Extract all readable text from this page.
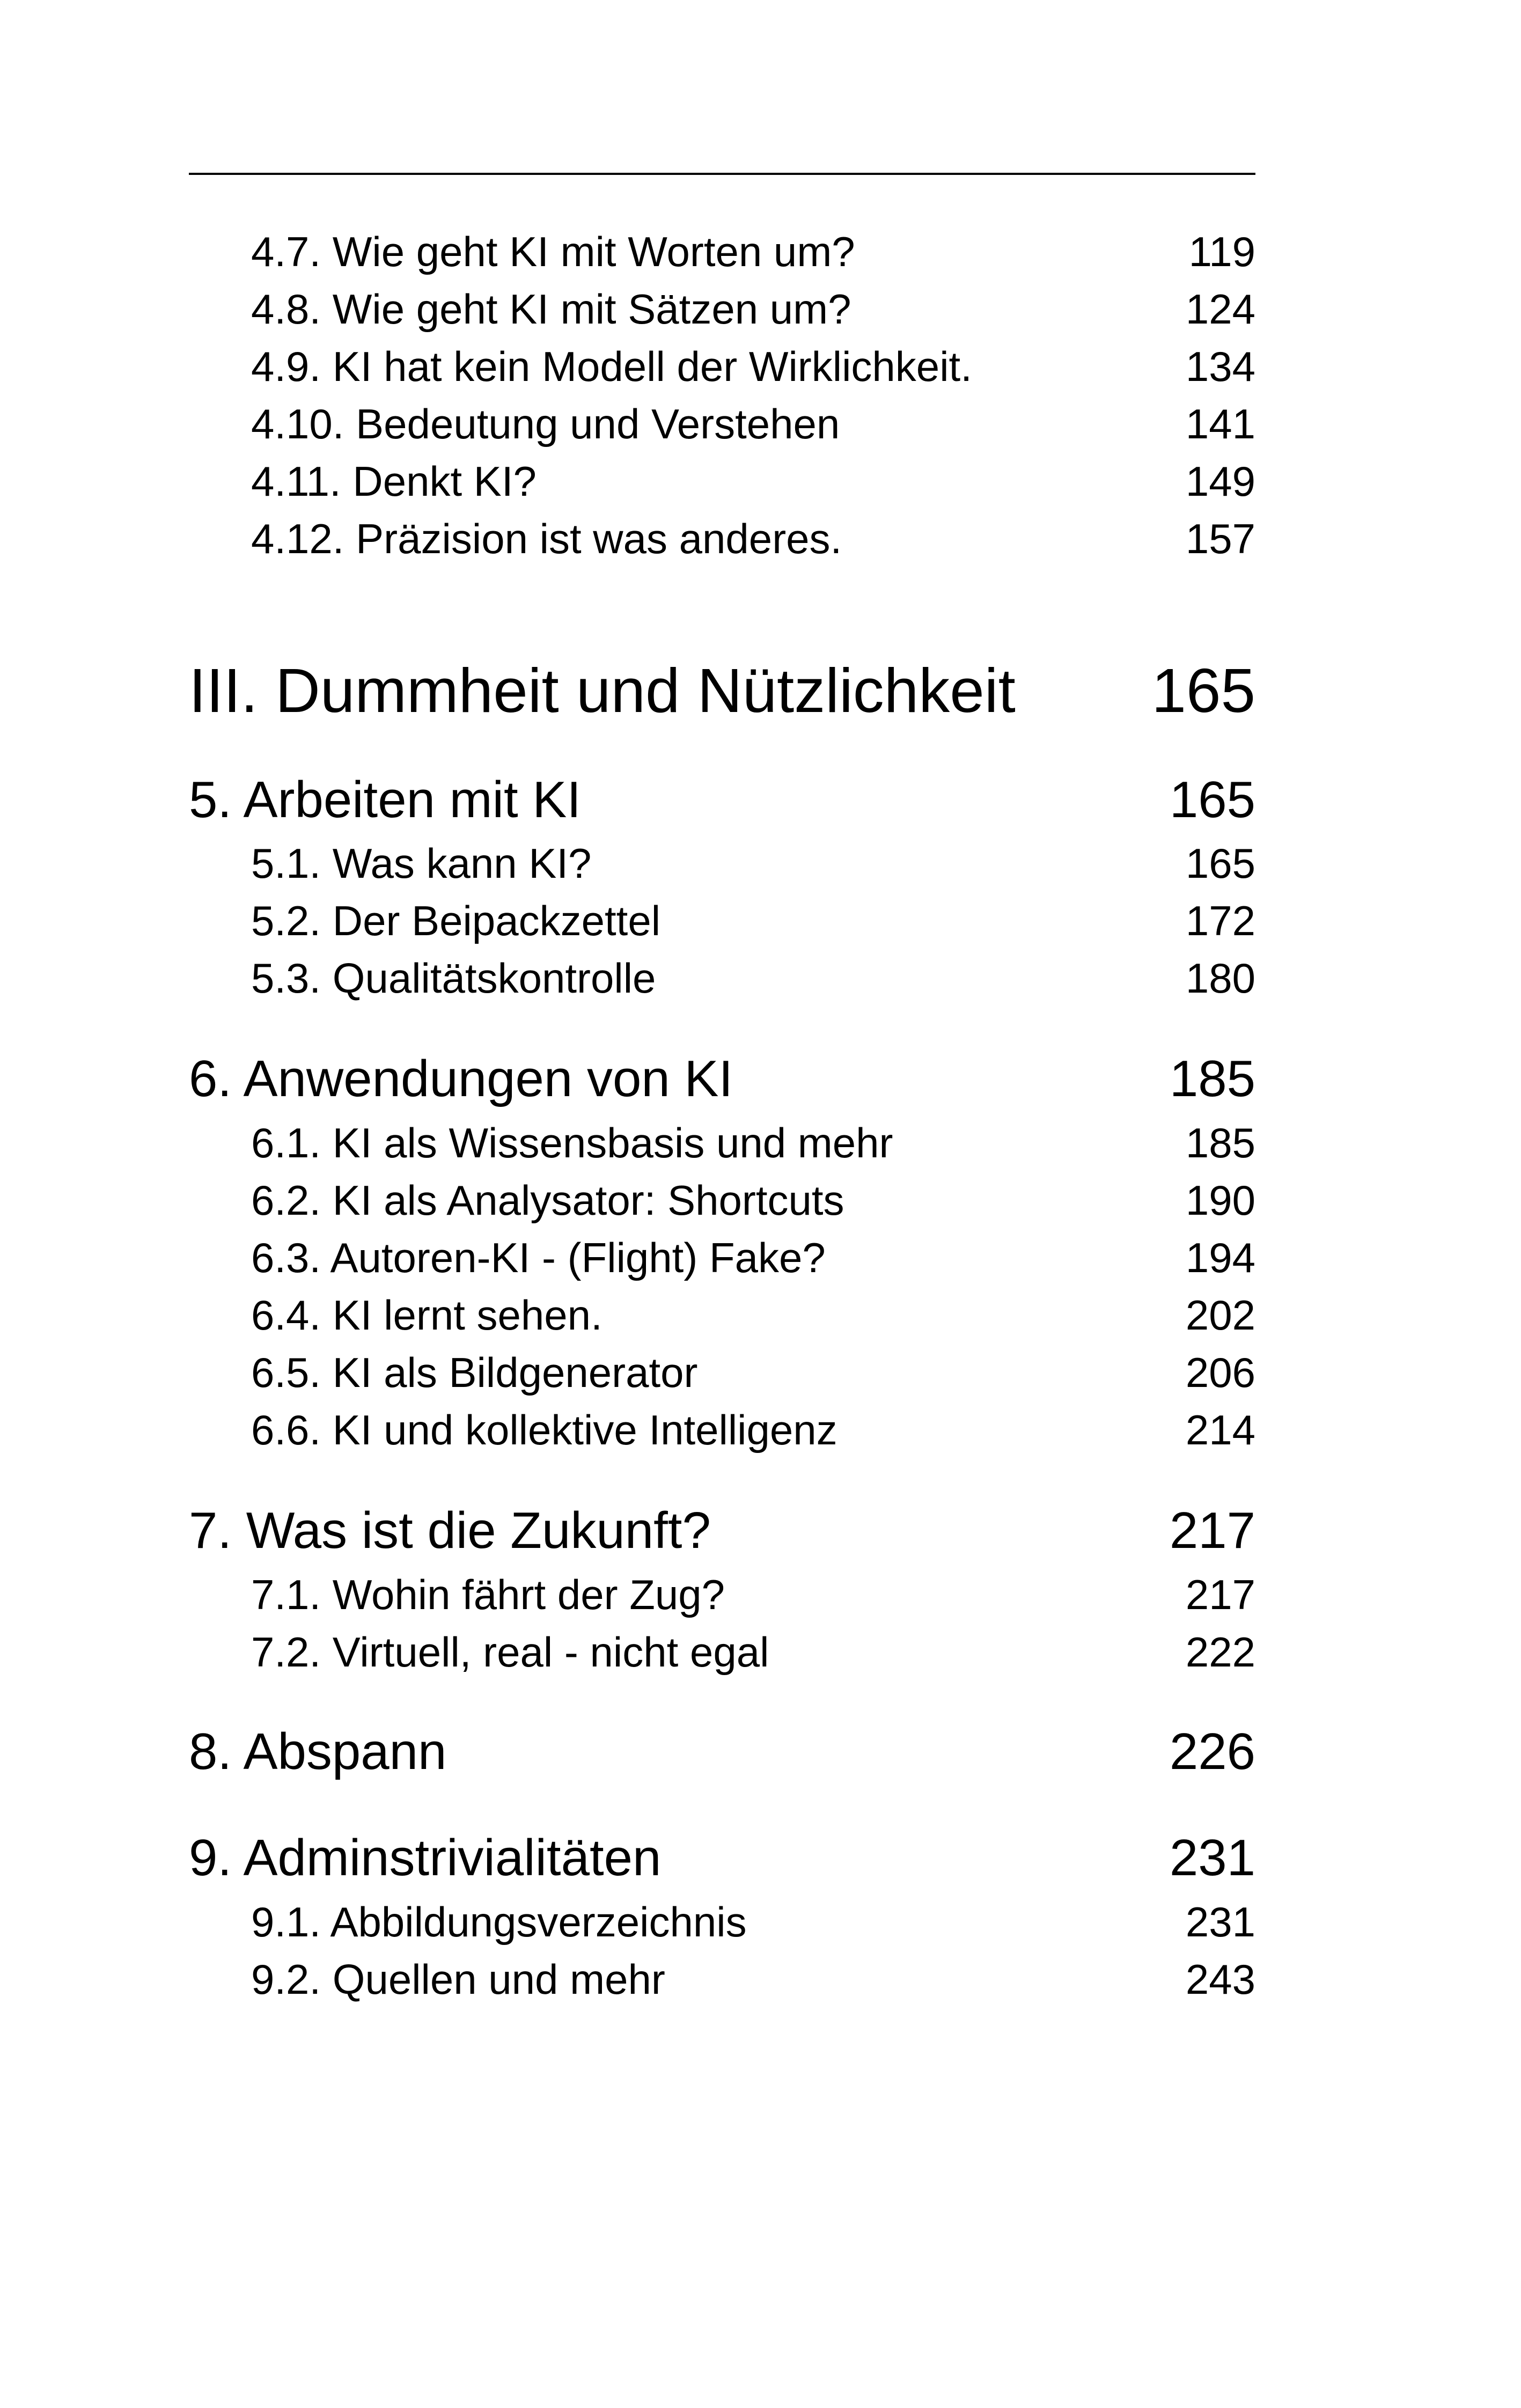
4.7. Wie geht KI mit Worten um?	119
4.8. Wie geht KI mit Sätzen um?	124
4.9. KI hat kein Modell der Wirklichkeit.	134
4.10. Bedeutung und Verstehen	141
4.11. Denkt KI?	149
4.12. Präzision ist was anderes.	157
III. Dummheit und Nützlichkeit 165
5. Arbeiten mit KI	165
5.1. Was kann KI?	165
5.2. Der Beipackzettel	172
5.3. Qualitätskontrolle	180
6. Anwendungen von KI	185
6.1. KI als Wissensbasis und mehr	185
6.2. KI als Analysator: Shortcuts	190
6.3. Autoren-KI - (Flight) Fake?	194
6.4. KI lernt sehen.	202
6.5. KI als Bildgenerator	206
6.6. KI und kollektive Intelligenz	214
7. Was ist die Zukunft?	217
7.1. Wohin fährt der Zug?	217
7.2. Virtuell, real - nicht egal	222
8. Abspann	226
9. Adminstrivialitäten	231
9.1. Abbildungsverzeichnis	231
9.2. Quellen und mehr	243
